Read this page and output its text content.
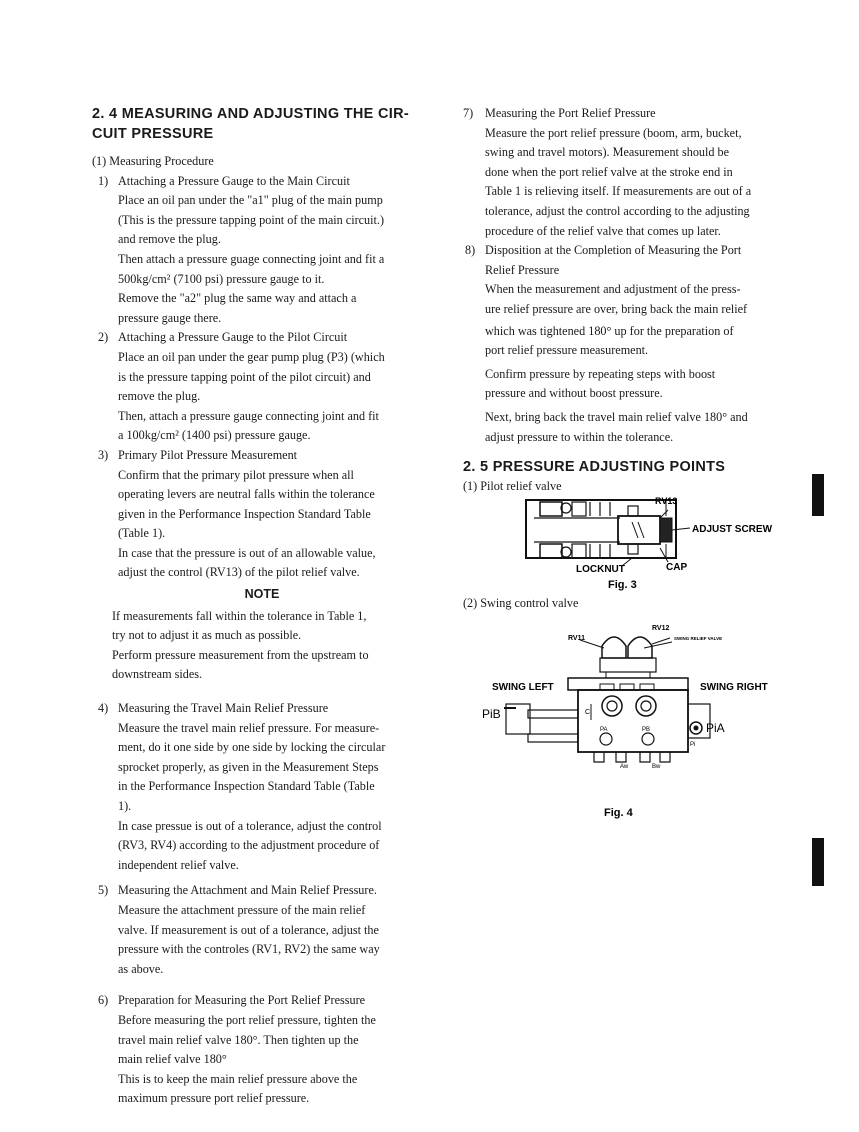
2. 4 MEASURING AND ADJUSTING THE CIR-
CUIT PRESSURE
(1) Measuring Procedure
1) Attaching a Pressure Gauge to the Main Circuit
Place an oil pan under the "a1" plug of the main pump
(This is the pressure tapping point of the main circuit.)
and remove the plug.
Then attach a pressure guage connecting joint and fit a
500kg/cm² (7100 psi) pressure gauge to it.
Remove the "a2" plug the same way and attach a
pressure gauge there.
2) Attaching a Pressure Gauge to the Pilot Circuit
Place an oil pan under the gear pump plug (P3) (which
is the pressure tapping point of the pilot circuit) and
remove the plug.
Then, attach a pressure gauge connecting joint and fit
a 100kg/cm² (1400 psi) pressure gauge.
3) Primary Pilot Pressure Measurement
Confirm that the primary pilot pressure when all
operating levers are neutral falls within the tolerance
given in the Performance Inspection Standard Table
(Table 1).
In case that the pressure is out of an allowable value,
adjust the control (RV13) of the pilot relief valve.
NOTE
If measurements fall within the tolerance in Table 1,
try not to adjust it as much as possible.
Perform pressure measurement from the upstream to
downstream sides.
4) Measuring the Travel Main Relief Pressure
Measure the travel main relief pressure. For measure-
ment, do it one side by one side by locking the circular
sprocket properly, as given in the Measurement Steps
in the Performance Inspection Standard Table (Table
1).
In case pressue is out of a tolerance, adjust the control
(RV3, RV4) according to the adjustment procedure of
independent relief valve.
5) Measuring the Attachment and Main Relief Pressure.
Measure the attachment pressure of the main relief
valve. If measurement is out of a tolerance, adjust the
pressure with the controles (RV1, RV2) the same way
as above.
6) Preparation for Measuring the Port Relief Pressure
Before measuring the port relief pressure, tighten the
travel main relief valve 180°. Then tighten up the
main relief valve 180°
This is to keep the main relief pressure above the
maximum pressure port relief pressure.
7) Measuring the Port Relief Pressure
Measure the port relief pressure (boom, arm, bucket,
swing and travel motors). Measurement should be
done when the port relief valve at the stroke end in
Table 1 is relieving itself. If measurements are out of a
tolerance, adjust the control according to the adjusting
procedure of the relief valve that comes up later.
8) Disposition at the Completion of Measuring the Port
Relief Pressure
When the measurement and adjustment of the press-
ure relief pressure are over, bring back the main relief
which was tightened 180° up for the preparation of
port relief pressure measurement.
Confirm pressure by repeating steps with boost
pressure and without boost pressure.
Next, bring back the travel main relief valve 180° and
adjust pressure to within the tolerance.
2. 5 PRESSURE ADJUSTING POINTS
(1) Pilot relief valve
RV13
ADJUST SCREW
LOCKNUT	CAP
Fig. 3
(2) Swing control valve
RV11
RV12
SWING RELIEF VALVE
SWING LEFT	SWING RIGHT
PiB
PiA
PA	PB
Pi
Aw	Bw
C
Fig. 4
